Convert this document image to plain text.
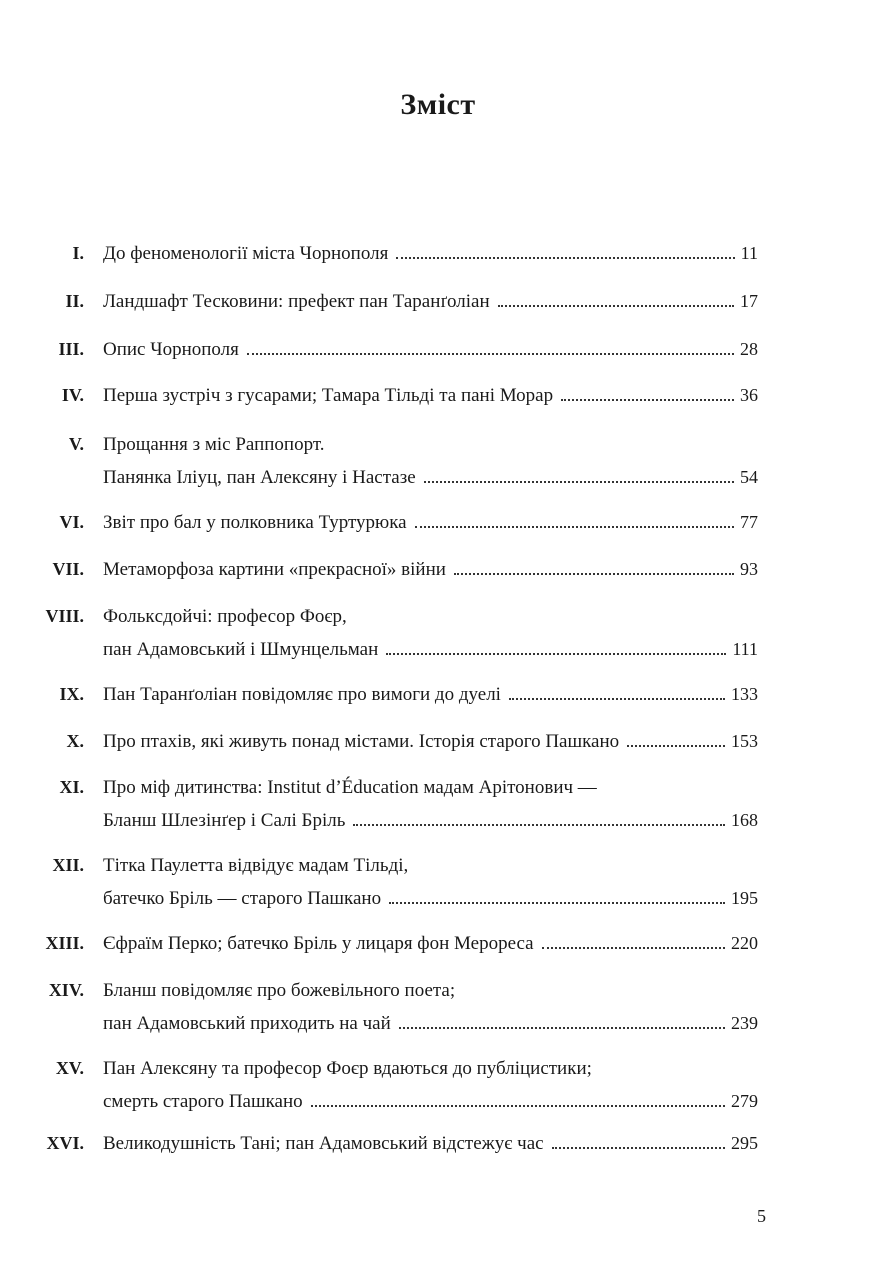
Зміст
I. До феноменології міста Чорнополя	11
II. Ландшафт Тесковини: префект пан Таранґоліан	17
III. Опис Чорнополя	28
IV. Перша зустріч з гусарами; Тамара Тільді та пані Морар	36
V. Прощання з міс Раппопорт.
Панянка Іліуц, пан Алексяну і Настазе	54
VI. Звіт про бал у полковника Туртурюка	77
VII. Метаморфоза картини «прекрасної» війни	93
VIII. Фолькcдойчі: професор Фоєр,
пан Адамовський і Шмунцельман	111
IX. Пан Таранґоліан повідомляє про вимоги до дуелі	133
X. Про птахів, які живуть понад містами. Історія старого Пашкано	153
XI. Про міф дитинства: Institut d’Éducation мадам Арітонович —
Бланш Шлезінґер і Салі Бріль	168
XII. Тітка Паулетта відвідує мадам Тільді,
батечко Бріль — старого Пашкано	195
XIII. Єфраїм Перко; батечко Бріль у лицаря фон Мерореса	220
XIV. Бланш повідомляє про божевільного поета;
пан Адамовський приходить на чай	239
XV. Пан Алексяну та професор Фоєр вдаються до публіцистики;
смерть старого Пашкано	279
XVI. Великодушність Тані; пан Адамовський відстежує час	295
5
